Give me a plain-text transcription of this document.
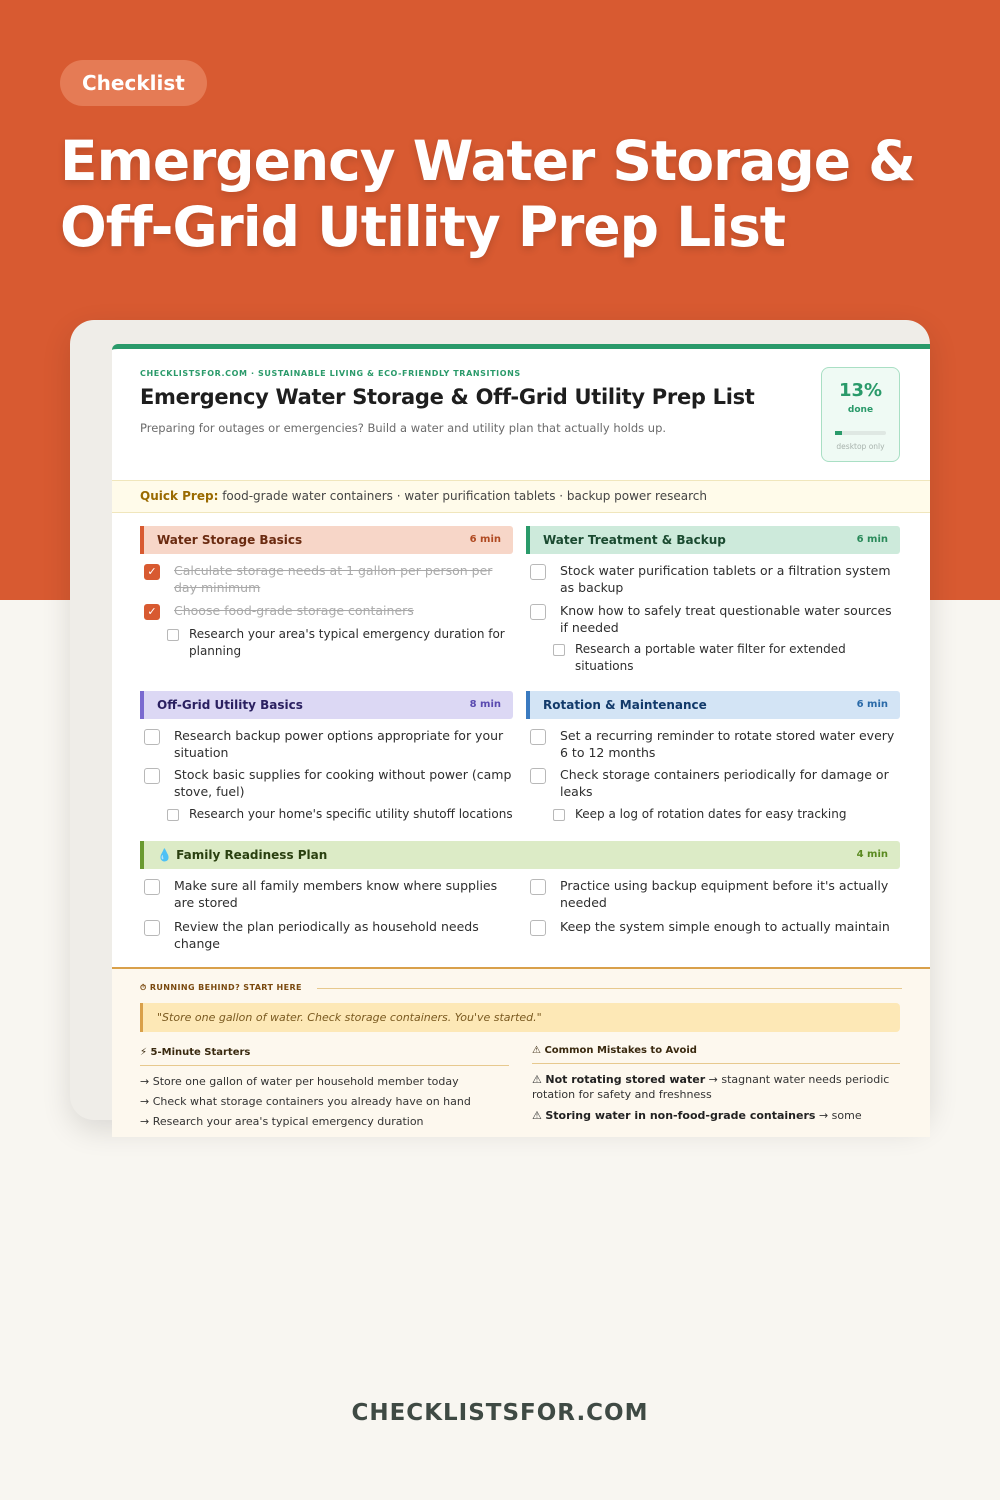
Checklist
Emergency Water Storage & Off-Grid Utility Prep List
CHECKLISTSFOR.COM · SUSTAINABLE LIVING & ECO-FRIENDLY TRANSITIONS
Emergency Water Storage & Off-Grid Utility Prep List
Preparing for outages or emergencies? Build a water and utility plan that actually holds up.
13%
done
desktop only
Quick Prep: food-grade water containers · water purification tablets · backup power research
Water Storage Basics	6 min
✓ Calculate storage needs at 1 gallon per person per day minimum
✓ Choose food-grade storage containers
Research your area's typical emergency duration for planning
Water Treatment & Backup	6 min
Stock water purification tablets or a filtration system as backup
Know how to safely treat questionable water sources if needed
Research a portable water filter for extended situations
Off-Grid Utility Basics	8 min
Research backup power options appropriate for your situation
Stock basic supplies for cooking without power (camp stove, fuel)
Research your home's specific utility shutoff locations
Rotation & Maintenance	6 min
Set a recurring reminder to rotate stored water every 6 to 12 months
Check storage containers periodically for damage or leaks
Keep a log of rotation dates for easy tracking
💧 Family Readiness Plan	4 min
Make sure all family members know where supplies are stored
Review the plan periodically as household needs change
Practice using backup equipment before it's actually needed
Keep the system simple enough to actually maintain
⏱ RUNNING BEHIND? START HERE
"Store one gallon of water. Check storage containers. You've started."
⚡ 5-Minute Starters
→ Store one gallon of water per household member today
→ Check what storage containers you already have on hand
→ Research your area's typical emergency duration
⚠ Common Mistakes to Avoid
⚠ Not rotating stored water → stagnant water needs periodic rotation for safety and freshness
⚠ Storing water in non-food-grade containers → some
CHECKLISTSFOR.COM
